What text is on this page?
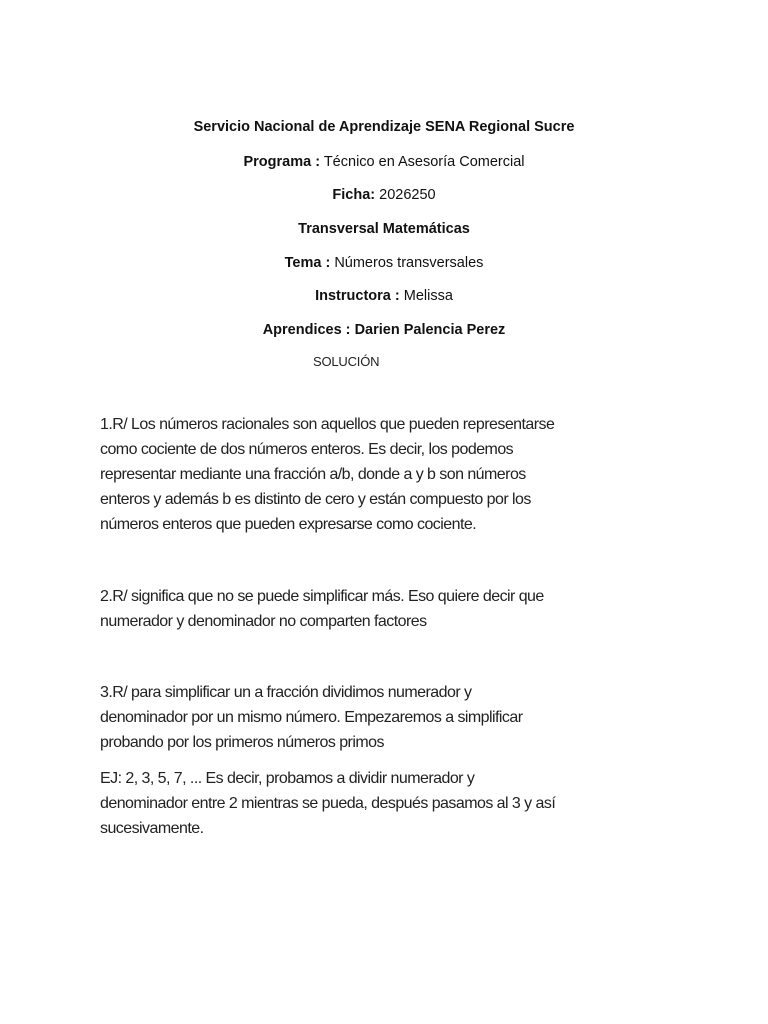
Servicio Nacional de Aprendizaje SENA Regional Sucre
Programa : Técnico en Asesoría Comercial
Ficha: 2026250
Transversal Matemáticas
Tema : Números transversales
Instructora : Melissa
Aprendices : Darien Palencia Perez
SOLUCIÓN

1.R/ Los números racionales son aquellos que pueden representarse
como cociente de dos números enteros. Es decir, los podemos
representar mediante una fracción a/b, donde a y b son números
enteros y además b es distinto de cero y están compuesto por los
números enteros que pueden expresarse como cociente.

2.R/ significa que no se puede simplificar más. Eso quiere decir que
numerador y denominador no comparten factores

3.R/ para simplificar un a fracción dividimos numerador y
denominador por un mismo número. Empezaremos a simplificar
probando por los primeros números primos

EJ: 2, 3, 5, 7, ... Es decir, probamos a dividir numerador y
denominador entre 2 mientras se pueda, después pasamos al 3 y así
sucesivamente.
